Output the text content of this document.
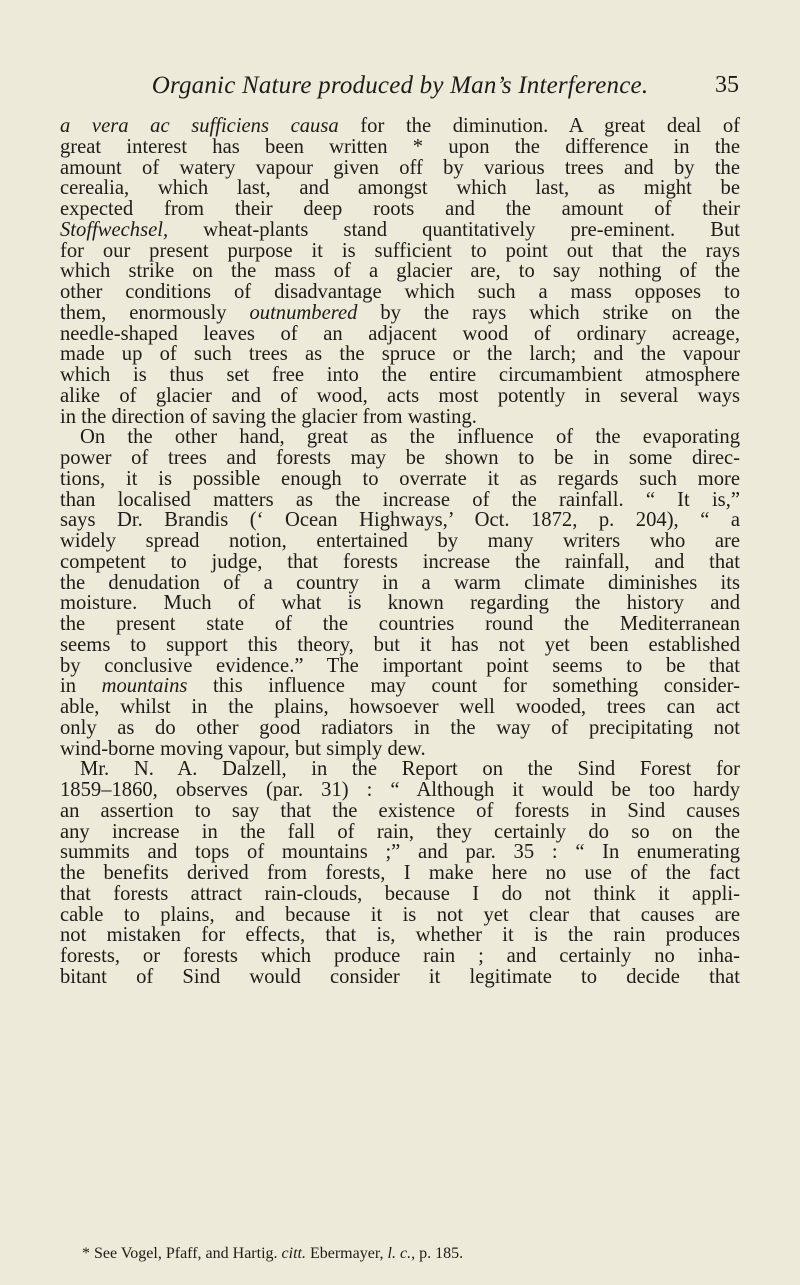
Organic Nature produced by Man’s Interference.	35
a vera ac sufficiens causa for the diminution. A great deal of
great interest has been written * upon the difference in the
amount of watery vapour given off by various trees and by the
cerealia, which last, and amongst which last, as might be
expected from their deep roots and the amount of their
Stoffwechsel, wheat-plants stand quantitatively pre-eminent. But
for our present purpose it is sufficient to point out that the rays
which strike on the mass of a glacier are, to say nothing of the
other conditions of disadvantage which such a mass opposes to
them, enormously outnumbered by the rays which strike on the
needle-shaped leaves of an adjacent wood of ordinary acreage,
made up of such trees as the spruce or the larch; and the vapour
which is thus set free into the entire circumambient atmosphere
alike of glacier and of wood, acts most potently in several ways
in the direction of saving the glacier from wasting.
On the other hand, great as the influence of the evaporating
power of trees and forests may be shown to be in some direc-
tions, it is possible enough to overrate it as regards such more
than localised matters as the increase of the rainfall. “ It is,”
says Dr. Brandis (‘ Ocean Highways,’ Oct. 1872, p. 204), “ a
widely spread notion, entertained by many writers who are
competent to judge, that forests increase the rainfall, and that
the denudation of a country in a warm climate diminishes its
moisture. Much of what is known regarding the history and
the present state of the countries round the Mediterranean
seems to support this theory, but it has not yet been established
by conclusive evidence.” The important point seems to be that
in mountains this influence may count for something consider-
able, whilst in the plains, howsoever well wooded, trees can act
only as do other good radiators in the way of precipitating not
wind-borne moving vapour, but simply dew.
Mr. N. A. Dalzell, in the Report on the Sind Forest for
1859–1860, observes (par. 31) : “ Although it would be too hardy
an assertion to say that the existence of forests in Sind causes
any increase in the fall of rain, they certainly do so on the
summits and tops of mountains ;” and par. 35 : “ In enumerating
the benefits derived from forests, I make here no use of the fact
that forests attract rain-clouds, because I do not think it appli-
cable to plains, and because it is not yet clear that causes are
not mistaken for effects, that is, whether it is the rain produces
forests, or forests which produce rain ; and certainly no inha-
bitant of Sind would consider it legitimate to decide that
* See Vogel, Pfaff, and Hartig. citt. Ebermayer, l. c., p. 185.
